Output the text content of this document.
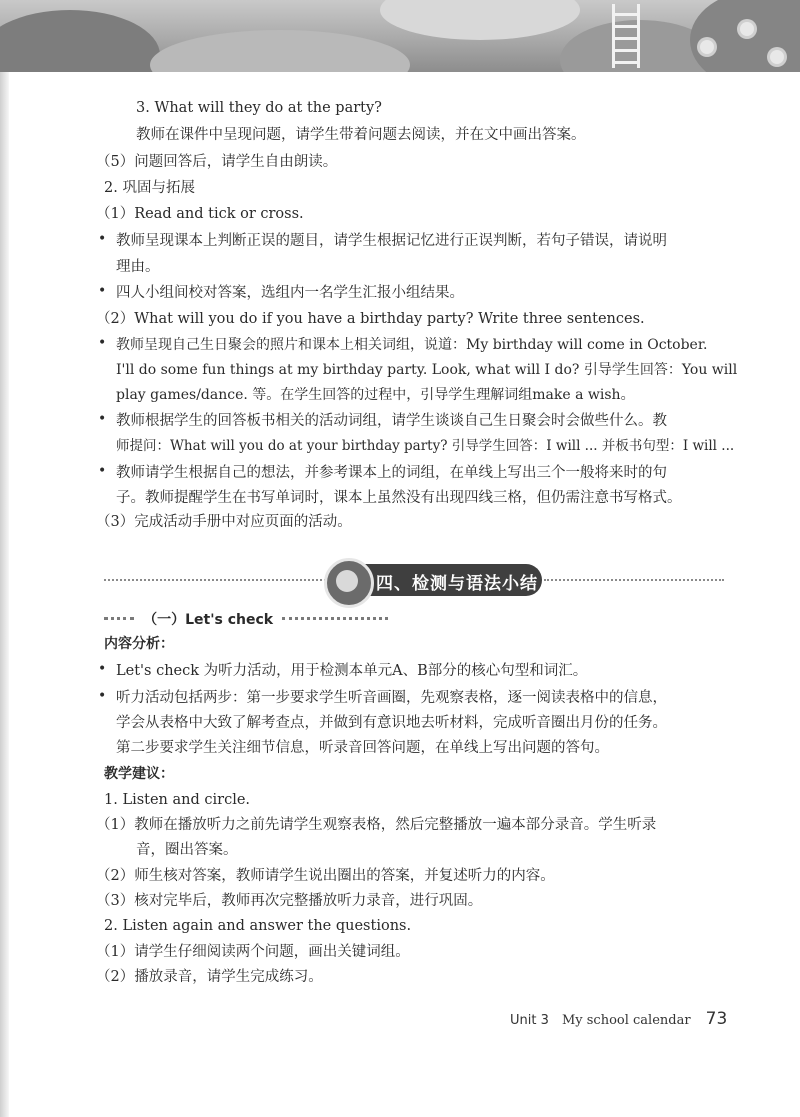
3. What will they do at the party?
教师在课件中呈现问题，请学生带着问题去阅读，并在文中画出答案。
（5）问题回答后，请学生自由朗读。
2. 巩固与拓展
（1）Read and tick or cross.
• 教师呈现课本上判断正误的题目，请学生根据记忆进行正误判断，若句子错误，请说明
理由。
• 四人小组间校对答案，选组内一名学生汇报小组结果。
（2）What will you do if you have a birthday party? Write three sentences.
• 教师呈现自己生日聚会的照片和课本上相关词组，说道：My birthday will come in October.
I'll do some fun things at my birthday party. Look, what will I do? 引导学生回答：You will
play games/dance. 等。在学生回答的过程中，引导学生理解词组make a wish。
• 教师根据学生的回答板书相关的活动词组，请学生谈谈自己生日聚会时会做些什么。教
师提问：What will you do at your birthday party? 引导学生回答：I will ... 并板书句型：I will ...
• 教师请学生根据自己的想法，并参考课本上的词组，在单线上写出三个一般将来时的句
子。教师提醒学生在书写单词时，课本上虽然没有出现四线三格，但仍需注意书写格式。
（3）完成活动手册中对应页面的活动。
四、检测与语法小结
（一）Let's check
内容分析：
• Let's check 为听力活动，用于检测本单元A、B部分的核心句型和词汇。
• 听力活动包括两步：第一步要求学生听音画圈，先观察表格，逐一阅读表格中的信息，
学会从表格中大致了解考查点，并做到有意识地去听材料，完成听音圈出月份的任务。
第二步要求学生关注细节信息，听录音回答问题，在单线上写出问题的答句。
教学建议：
1. Listen and circle.
（1）教师在播放听力之前先请学生观察表格，然后完整播放一遍本部分录音。学生听录
音，圈出答案。
（2）师生核对答案，教师请学生说出圈出的答案，并复述听力的内容。
（3）核对完毕后，教师再次完整播放听力录音，进行巩固。
2. Listen again and answer the questions.
（1）请学生仔细阅读两个问题，画出关键词组。
（2）播放录音，请学生完成练习。
Unit 3 My school calendar 73
